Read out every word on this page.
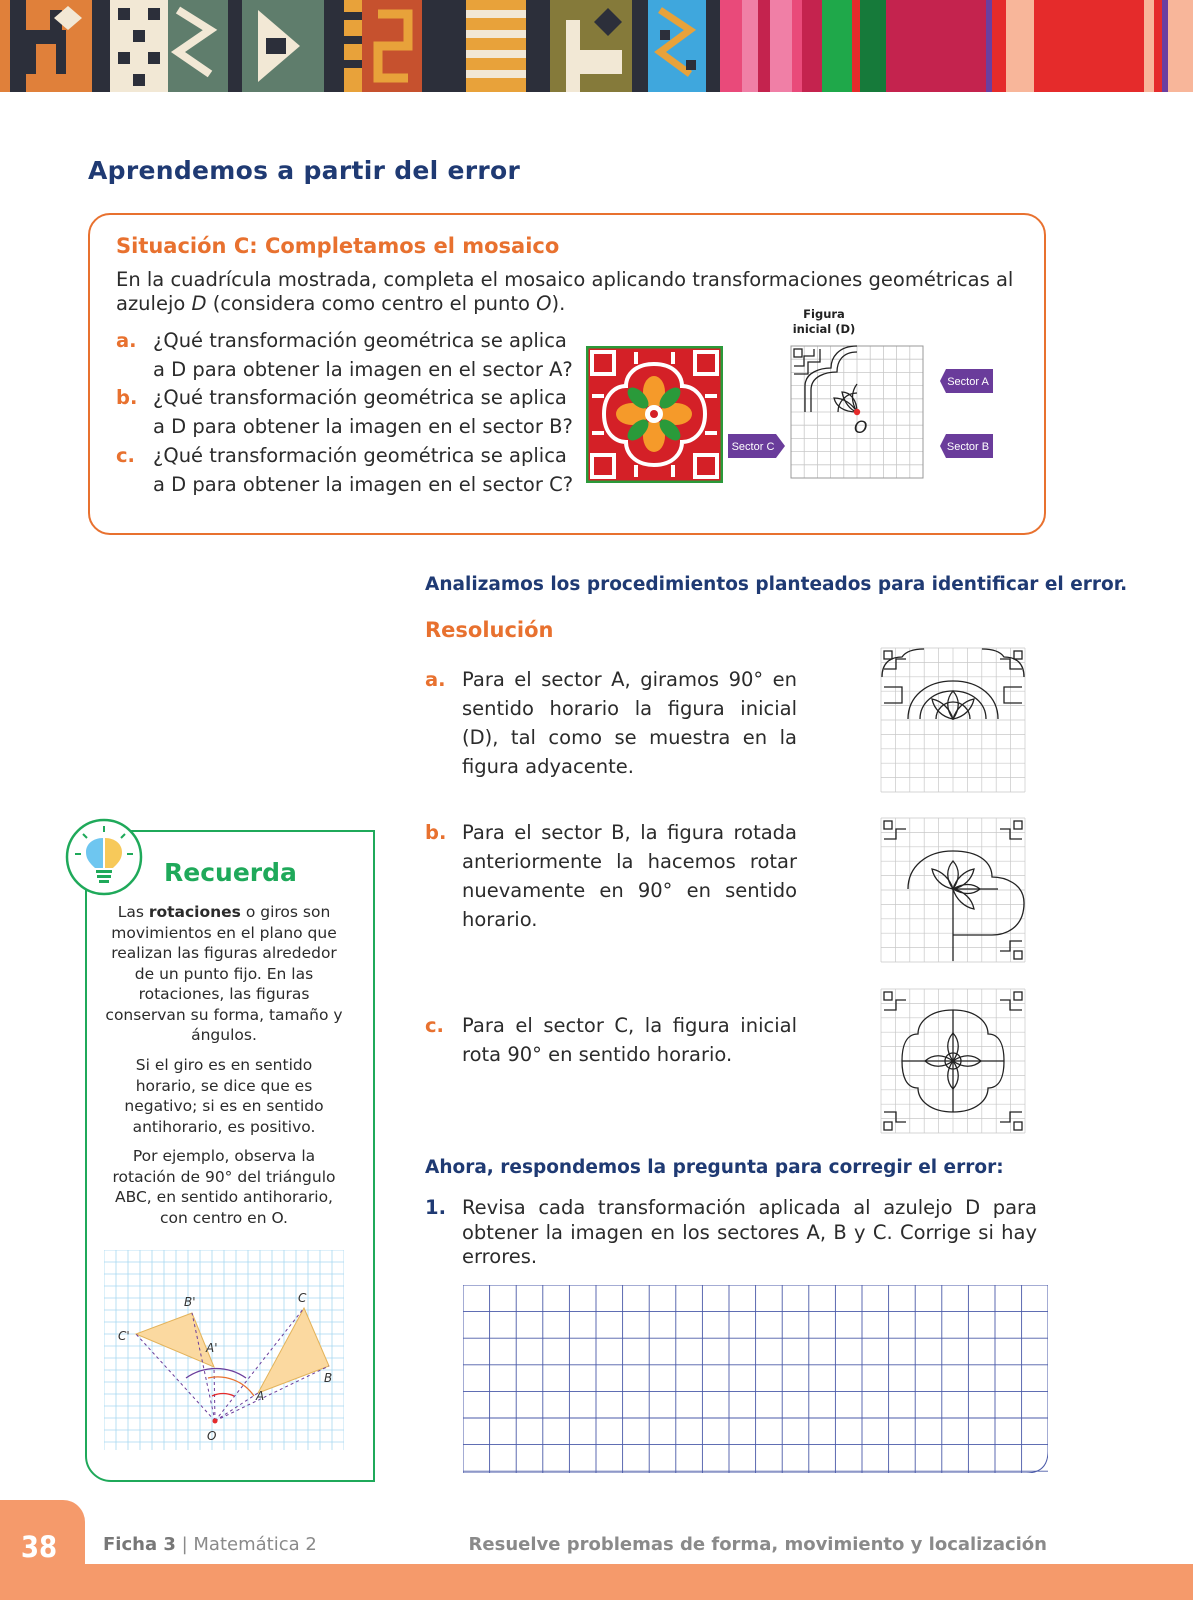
Aprendemos a partir del error
Situación C: Completamos el mosaico
En la cuadrícula mostrada, completa el mosaico aplicando transformaciones geométricas al azulejo D (considera como centro el punto O).
a. ¿Qué transformación geométrica se aplica a D para obtener la imagen en el sector A?
b. ¿Qué transformación geométrica se aplica a D para obtener la imagen en el sector B?
c. ¿Qué transformación geométrica se aplica a D para obtener la imagen en el sector C?
Figura
inicial (D)
O
Sector A
Sector B
Sector C
Analizamos los procedimientos planteados para identificar el error.
Resolución
a. Para el sector A, giramos 90° en sentido horario la figura inicial (D), tal como se muestra en la figura adyacente.
b. Para el sector B, la figura rotada anteriormente la hacemos rotar nuevamente en 90° en sentido horario.
c. Para el sector C, la figura inicial rota 90° en sentido horario.
Ahora, respondemos la pregunta para corregir el error:
1. Revisa cada transformación aplicada al azulejo D para obtener la imagen en los sectores A, B y C. Corrige si hay errores.
Recuerda
Las rotaciones o giros son movimientos en el plano que realizan las figuras alrededor de un punto fijo. En las rotaciones, las figuras conservan su forma, tamaño y ángulos.
Si el giro es en sentido horario, se dice que es negativo; si es en sentido antihorario, es positivo.
Por ejemplo, observa la rotación de 90° del triángulo ABC, en sentido antihorario, con centro en O.
C
B
A
B'
C'
A'
O
38	Ficha 3 | Matemática 2	Resuelve problemas de forma, movimiento y localización
